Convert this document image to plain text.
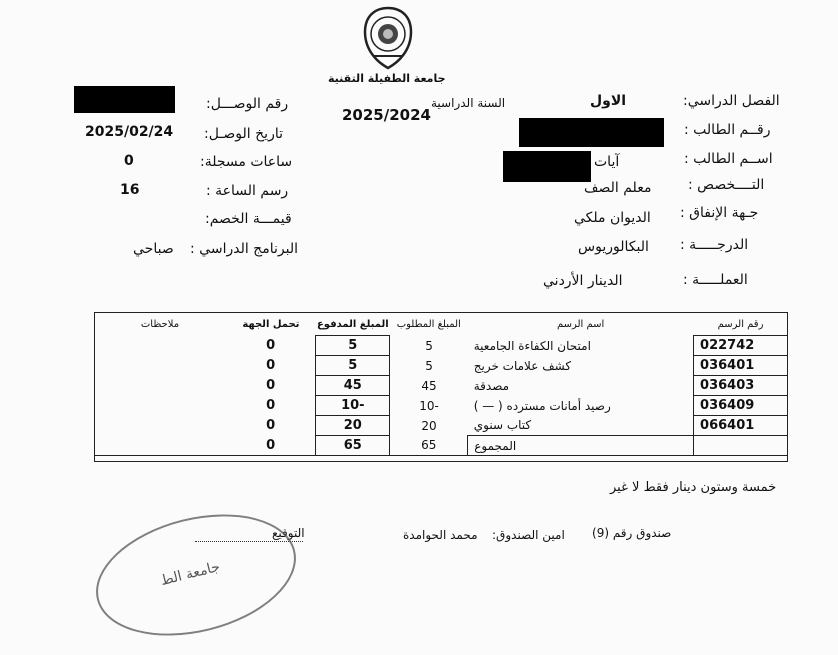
جامعة الطفيلة التقنية
السنة الدراسية
2025/2024
رقم الوصـــل:
2025/02/24 تاريخ الوصـل:
0	ساعات مسجلة:
16	رسم الساعة :
قيمـــة الخصم:
صباحي البرنامج الدراسي :
الاول	الفصل الدراسي:
رقــم الطالب :
آيات	اســم الطالب :
معلم الصف	التــــخصص :
الديوان ملكي جـهة الإنفاق :
البكالوريوس الدرجـــــة :
الدينار الأردني	العملـــــة :
رقم الرسم	اسم الرسم	المبلغ المطلوب	المبلغ المدفوع	تحمل الجهة	ملاحظات
022742	امتحان الكفاءة الجامعية	5	5	0	
036401	كشف علامات خريج	5	5	0	
036403	مصدقة	45	45	0	
036409	رصيد أمانات مسترده ( — )	-10	-10	0	
066401	كتاب سنوي	20	20	0	
	المجموع	65	65	0	
خمسة وستون دينار فقط لا غير
صندوق رقم (9)
امين الصندوق:
محمد الحوامدة
التوقيع
جامعة الط
